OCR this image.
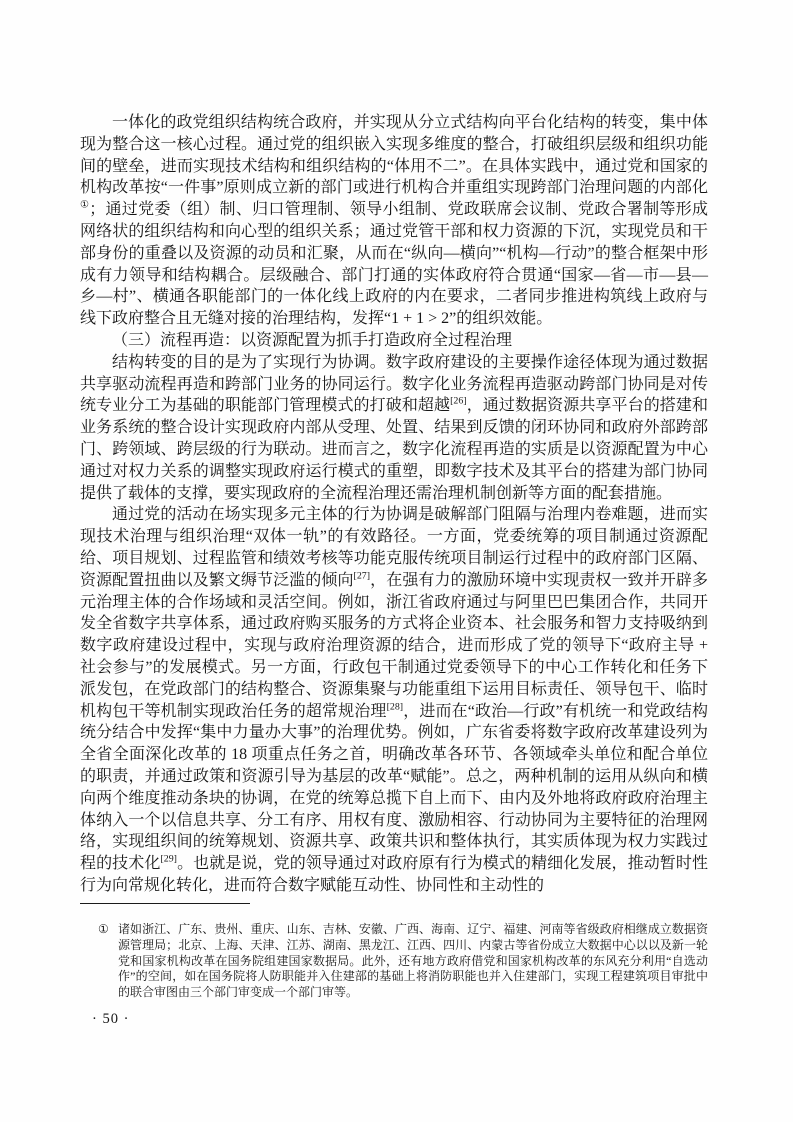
一体化的政党组织结构统合政府，并实现从分立式结构向平台化结构的转变，集中体现为整合这一核心过程。通过党的组织嵌入实现多维度的整合，打破组织层级和组织功能间的壁垒，进而实现技术结构和组织结构的“体用不二”。在具体实践中，通过党和国家的机构改革按“一件事”原则成立新的部门或进行机构合并重组实现跨部门治理问题的内部化①；通过党委（组）制、归口管理制、领导小组制、党政联席会议制、党政合署制等形成网络状的组织结构和向心型的组织关系；通过党管干部和权力资源的下沉，实现党员和干部身份的重叠以及资源的动员和汇聚，从而在“纵向—横向”“机构—行动”的整合框架中形成有力领导和结构耦合。层级融合、部门打通的实体政府符合贯通“国家—省—市—县—乡—村”、横通各职能部门的一体化线上政府的内在要求，二者同步推进构筑线上政府与线下政府整合且无缝对接的治理结构，发挥“1 + 1 > 2”的组织效能。

（三）流程再造：以资源配置为抓手打造政府全过程治理

结构转变的目的是为了实现行为协调。数字政府建设的主要操作途径体现为通过数据共享驱动流程再造和跨部门业务的协同运行。数字化业务流程再造驱动跨部门协同是对传统专业分工为基础的职能部门管理模式的打破和超越[26]，通过数据资源共享平台的搭建和业务系统的整合设计实现政府内部从受理、处置、结果到反馈的闭环协同和政府外部跨部门、跨领域、跨层级的行为联动。进而言之，数字化流程再造的实质是以资源配置为中心通过对权力关系的调整实现政府运行模式的重塑，即数字技术及其平台的搭建为部门协同提供了载体的支撑，要实现政府的全流程治理还需治理机制创新等方面的配套措施。

通过党的活动在场实现多元主体的行为协调是破解部门阻隔与治理内卷难题，进而实现技术治理与组织治理“双体一轨”的有效路径。一方面，党委统筹的项目制通过资源配给、项目规划、过程监管和绩效考核等功能克服传统项目制运行过程中的政府部门区隔、资源配置扭曲以及繁文缛节泛滥的倾向[27]，在强有力的激励环境中实现责权一致并开辟多元治理主体的合作场域和灵活空间。例如，浙江省政府通过与阿里巴巴集团合作，共同开发全省数字共享体系，通过政府购买服务的方式将企业资本、社会服务和智力支持吸纳到数字政府建设过程中，实现与政府治理资源的结合，进而形成了党的领导下“政府主导 + 社会参与”的发展模式。另一方面，行政包干制通过党委领导下的中心工作转化和任务下派发包，在党政部门的结构整合、资源集聚与功能重组下运用目标责任、领导包干、临时机构包干等机制实现政治任务的超常规治理[28]，进而在“政治—行政”有机统一和党政结构统分结合中发挥“集中力量办大事”的治理优势。例如，广东省委将数字政府改革建设列为全省全面深化改革的 18 项重点任务之首，明确改革各环节、各领域牵头单位和配合单位的职责，并通过政策和资源引导为基层的改革“赋能”。总之，两种机制的运用从纵向和横向两个维度推动条块的协调，在党的统筹总揽下自上而下、由内及外地将政府政府治理主体纳入一个以信息共享、分工有序、用权有度、激励相容、行动协同为主要特征的治理网络，实现组织间的统筹规划、资源共享、政策共识和整体执行，其实质体现为权力实践过程的技术化[29]。也就是说，党的领导通过对政府原有行为模式的精细化发展，推动暂时性行为向常规化转化，进而符合数字赋能互动性、协同性和主动性的

① 诸如浙江、广东、贵州、重庆、山东、吉林、安徽、广西、海南、辽宁、福建、河南等省级政府相继成立数据资源管理局；北京、上海、天津、江苏、湖南、黑龙江、江西、四川、内蒙古等省份成立大数据中心以以及新一轮党和国家机构改革在国务院组建国家数据局。此外，还有地方政府借党和国家机构改革的东风充分利用“自选动作”的空间，如在国务院将人防职能并入住建部的基础上将消防职能也并入住建部门，实现工程建筑项目审批中的联合审图由三个部门审变成一个部门审等。
· 50 ·
